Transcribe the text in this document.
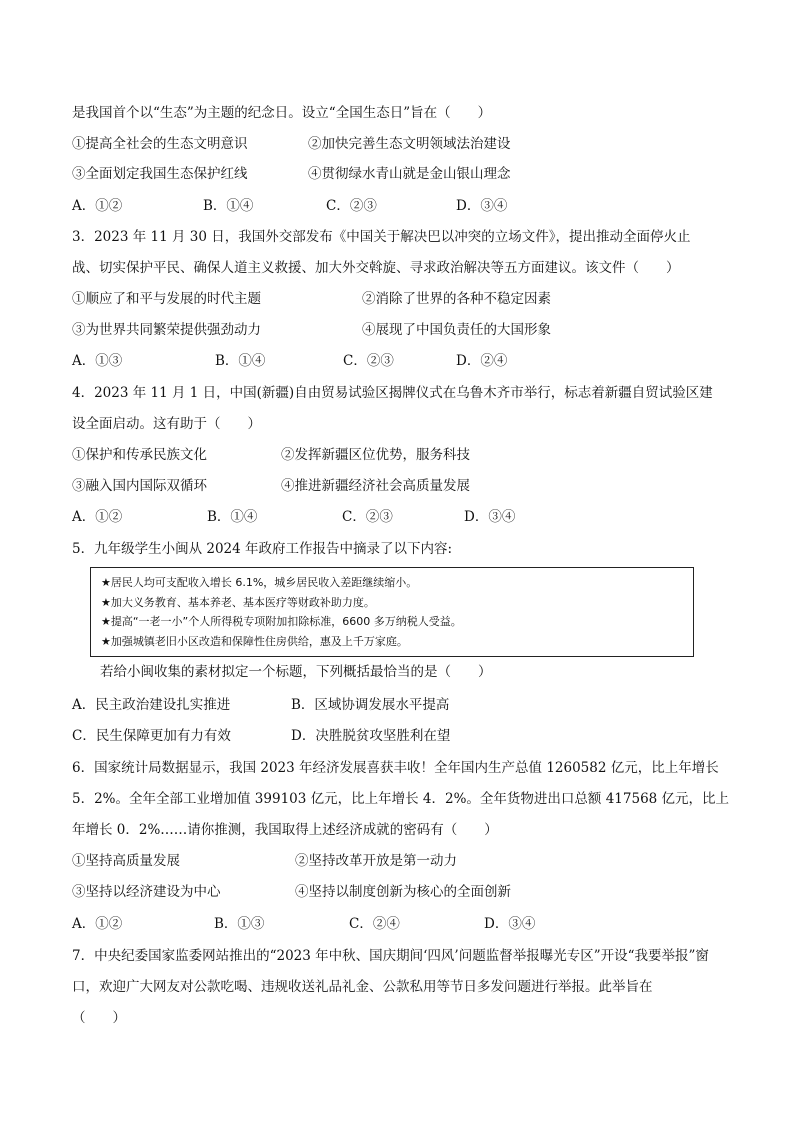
是我国首个以“生态”为主题的纪念日。设立“全国生态日”旨在（　　）
①提高全社会的生态文明意识	②加快完善生态文明领域法治建设
③全面划定我国生态保护红线	④贯彻绿水青山就是金山银山理念
A．①②	B．①④	C．②③	D．③④
3．2023 年 11 月 30 日，我国外交部发布《中国关于解决巴以冲突的立场文件》，提出推动全面停火止
战、切实保护平民、确保人道主义救援、加大外交斡旋、寻求政治解决等五方面建议。该文件（　　）
①顺应了和平与发展的时代主题	②消除了世界的各种不稳定因素
③为世界共同繁荣提供强劲动力	④展现了中国负责任的大国形象
A．①③	B．①④	C．②③	D．②④
4．2023 年 11 月 1 日，中国(新疆)自由贸易试验区揭牌仪式在乌鲁木齐市举行，标志着新疆自贸试验区建
设全面启动。这有助于（　　）
①保护和传承民族文化	②发挥新疆区位优势，服务科技
③融入国内国际双循环	④推进新疆经济社会高质量发展
A．①②	B．①④	C．②③	D．③④
5．九年级学生小闽从 2024 年政府工作报告中摘录了以下内容:
★居民人均可支配收入增长 6.1%，城乡居民收入差距继续缩小。
★加大义务教育、基本养老、基本医疗等财政补助力度。
★提高“一老一小”个人所得税专项附加扣除标准，6600 多万纳税人受益。
★加强城镇老旧小区改造和保障性住房供给，惠及上千万家庭。
若给小闽收集的素材拟定一个标题，下列概括最恰当的是（　　）
A．民主政治建设扎实推进	B．区域协调发展水平提高
C．民生保障更加有力有效	D．决胜脱贫攻坚胜利在望
6．国家统计局数据显示，我国 2023 年经济发展喜获丰收！全年国内生产总值 1260582 亿元，比上年增长
5．2%。全年全部工业增加值 399103 亿元，比上年增长 4．2%。全年货物进出口总额 417568 亿元，比上
年增长 0．2%……请你推测，我国取得上述经济成就的密码有（　　）
①坚持高质量发展	②坚持改革开放是第一动力
③坚持以经济建设为中心	④坚持以制度创新为核心的全面创新
A．①②	B．①③	C．②④	D．③④
7．中央纪委国家监委网站推出的“2023 年中秋、国庆期间‘四风’问题监督举报曝光专区”开设“我要举报”窗
口，欢迎广大网友对公款吃喝、违规收送礼品礼金、公款私用等节日多发问题进行举报。此举旨在
（　　）
